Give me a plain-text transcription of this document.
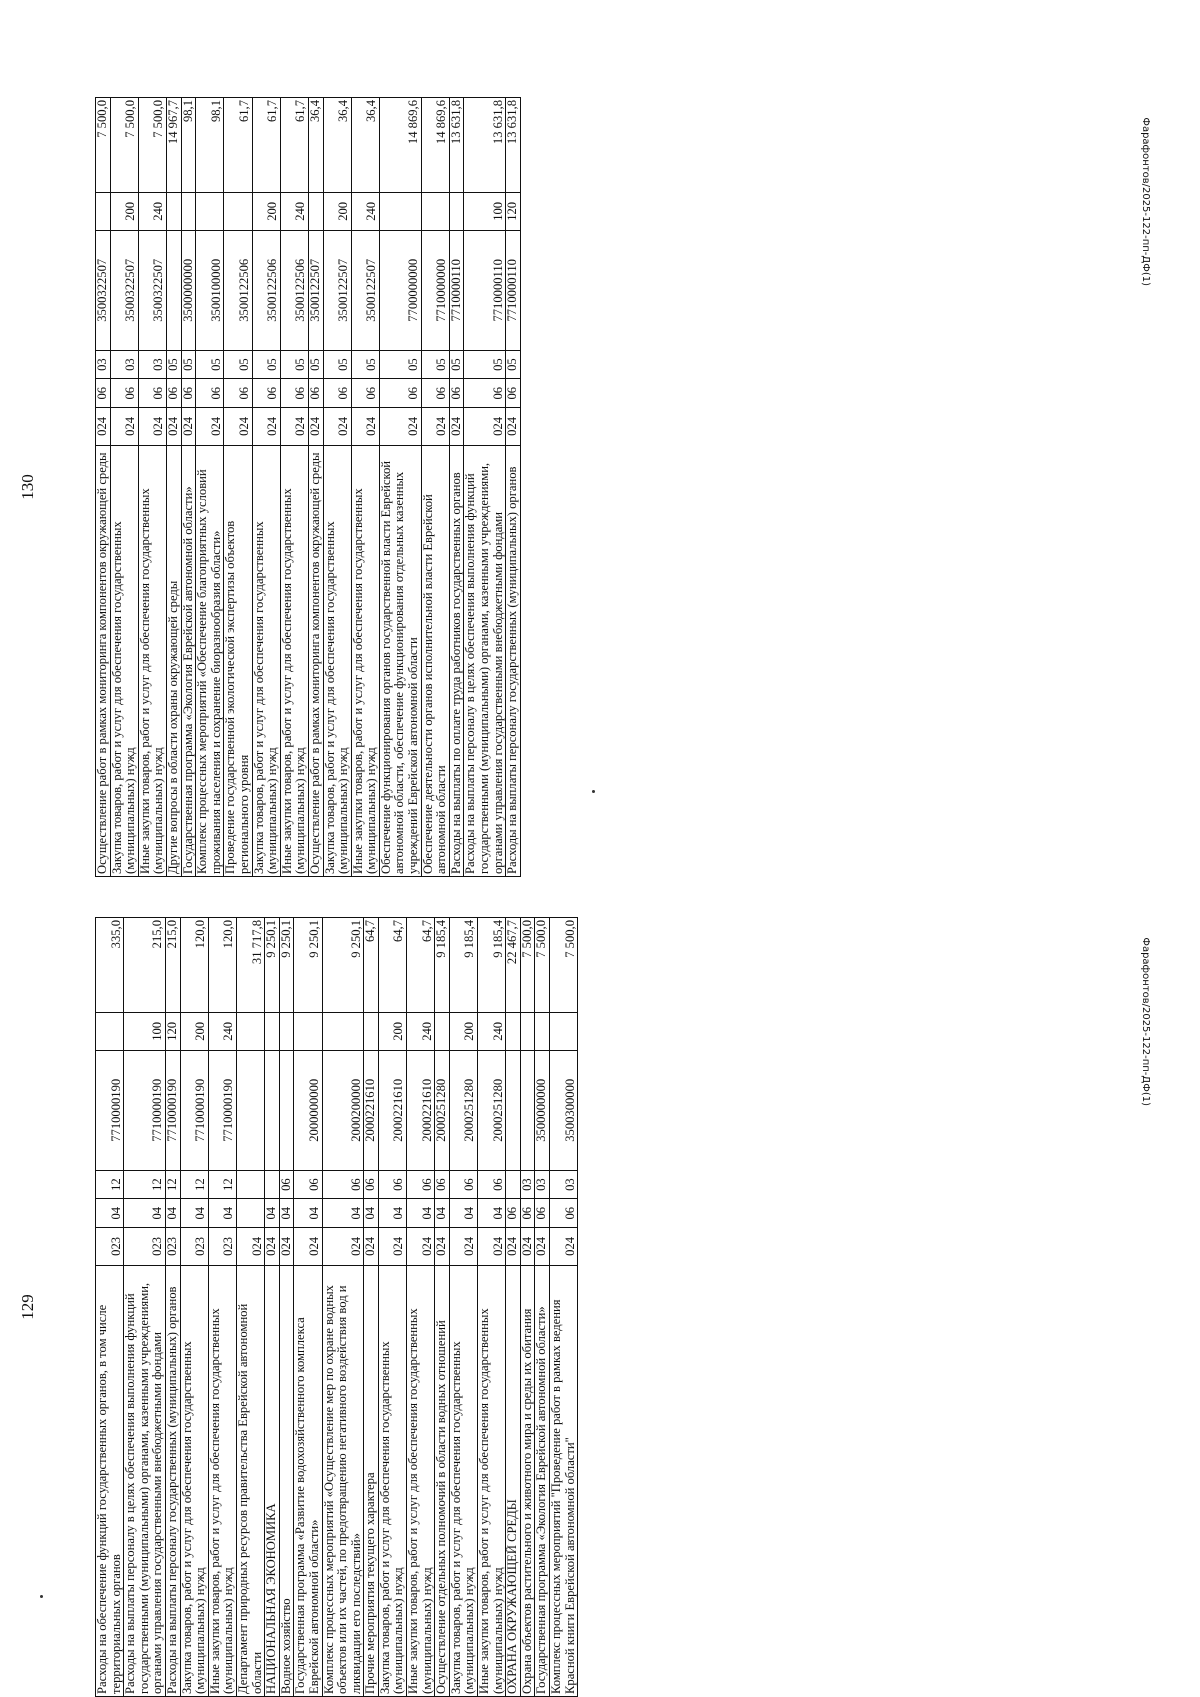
129	Расходы на обеспечение функций государственных органов, в том числе территориальных органов	023	04	12	7710000190		335,0
Расходы на выплаты персоналу в целях обеспечения выполнения функций государственными (муниципальными) органами, казенными учреждениями, органами управления государственными внебюджетными фондами	023	04	12	7710000190	100	215,0
Расходы на выплаты персоналу государственных (муниципальных) органов	023	04	12	7710000190	120	215,0
Закупка товаров, работ и услуг для обеспечения государственных (муниципальных) нужд	023	04	12	7710000190	200	120,0
Иные закупки товаров, работ и услуг для обеспечения государственных (муниципальных) нужд	023	04	12	7710000190	240	120,0
Департамент природных ресурсов правительства Еврейской автономной области	024					31 717,8
НАЦИОНАЛЬНАЯ ЭКОНОМИКА	024	04				9 250,1
Водное хозяйство	024	04	06			9 250,1
Государственная программа «Развитие водохозяйственного комплекса Еврейской автономной области»	024	04	06	2000000000		9 250,1
Комплекс процессных мероприятий «Осуществление мер по охране водных объектов или их частей, по предотвращению негативного воздействия вод и ликвидации его последствий»	024	04	06	2000200000		9 250,1
Прочие мероприятия текущего характера	024	04	06	2000221610		64,7
Закупка товаров, работ и услуг для обеспечения государственных (муниципальных) нужд	024	04	06	2000221610	200	64,7
Иные закупки товаров, работ и услуг для обеспечения государственных (муниципальных) нужд	024	04	06	2000221610	240	64,7
Осуществление отдельных полномочий в области водных отношений	024	04	06	2000251280		9 185,4
Закупка товаров, работ и услуг для обеспечения государственных (муниципальных) нужд	024	04	06	2000251280	200	9 185,4
Иные закупки товаров, работ и услуг для обеспечения государственных (муниципальных) нужд	024	04	06	2000251280	240	9 185,4
ОХРАНА ОКРУЖАЮЩЕЙ СРЕДЫ	024	06				22 467,7
Охрана объектов растительного и животного мира и среды их обитания	024	06	03			7 500,0
Государственная программа «Экология Еврейской автономной области»	024	06	03	3500000000		7 500,0
Комплекс процессных мероприятий "Проведение работ в рамках ведения Красной книги Еврейской автономной области"	024	06	03	3500300000		7 500,0	Фарафонтов/2025-122-пп-ДФ(1)
130	Осуществление работ в рамках мониторинга компонентов окружающей среды	024	06	03	3500322507		7 500,0
Закупка товаров, работ и услуг для обеспечения государственных (муниципальных) нужд	024	06	03	3500322507	200	7 500,0
Иные закупки товаров, работ и услуг для обеспечения государственных (муниципальных) нужд	024	06	03	3500322507	240	7 500,0
Другие вопросы в области охраны окружающей среды	024	06	05			14 967,7
Государственная программа «Экология Еврейской автономной области»	024	06	05	3500000000		98,1
Комплекс процессных мероприятий «Обеспечение благоприятных условий проживания населения и сохранение биоразнообразия области»	024	06	05	3500100000		98,1
Проведение государственной экологической экспертизы объектов регионального уровня	024	06	05	3500122506		61,7
Закупка товаров, работ и услуг для обеспечения государственных (муниципальных) нужд	024	06	05	3500122506	200	61,7
Иные закупки товаров, работ и услуг для обеспечения государственных (муниципальных) нужд	024	06	05	3500122506	240	61,7
Осуществление работ в рамках мониторинга компонентов окружающей среды	024	06	05	3500122507		36,4
Закупка товаров, работ и услуг для обеспечения государственных (муниципальных) нужд	024	06	05	3500122507	200	36,4
Иные закупки товаров, работ и услуг для обеспечения государственных (муниципальных) нужд	024	06	05	3500122507	240	36,4
Обеспечение функционирования органов государственной власти Еврейской автономной области, обеспечение функционирования отдельных казенных учреждений Еврейской автономной области	024	06	05	7700000000		14 869,6
Обеспечение деятельности органов исполнительной власти Еврейской автономной области	024	06	05	7710000000		14 869,6
Расходы на выплаты по оплате труда работников государственных органов	024	06	05	7710000110		13 631,8
Расходы на выплаты персоналу в целях обеспечения выполнения функций государственными (муниципальными) органами, казенными учреждениями, органами управления государственными внебюджетными фондами	024	06	05	7710000110	100	13 631,8
Расходы на выплаты персоналу государственных (муниципальных) органов	024	06	05	7710000110	120	13 631,8	Фарафонтов/2025-122-пп-ДФ(1)
